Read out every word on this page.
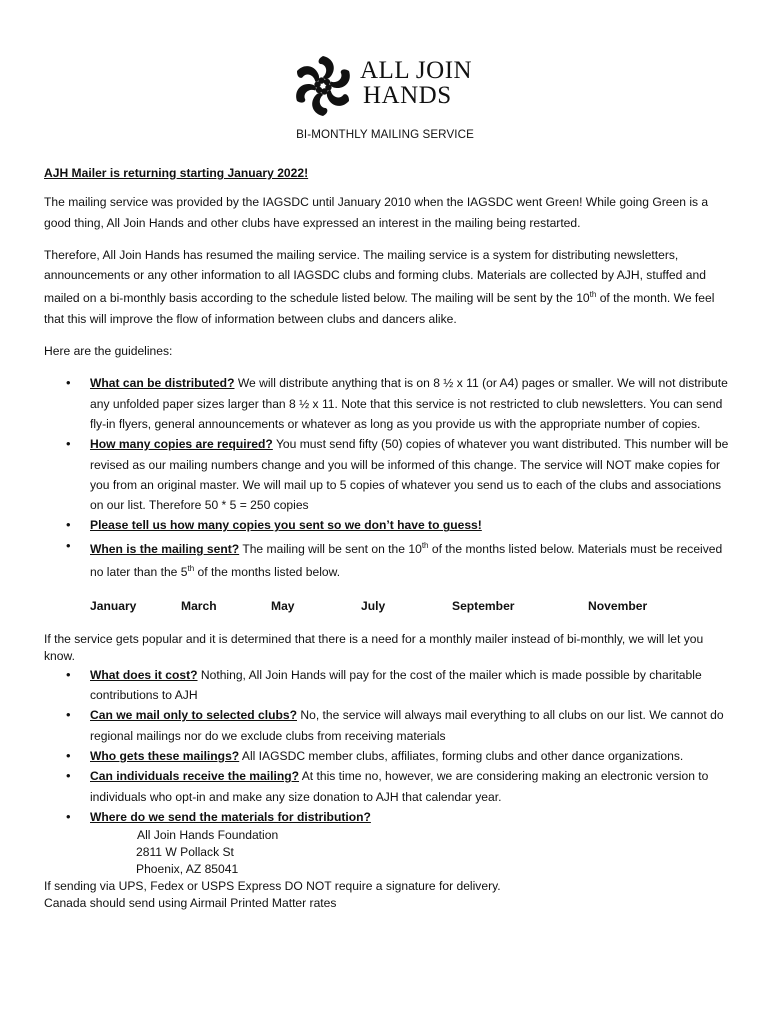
ALL JOIN
HANDS
BI-MONTHLY MAILING SERVICE

AJH Mailer is returning starting January 2022!

The mailing service was provided by the IAGSDC until January 2010 when the IAGSDC went Green! While going Green is a good thing, All Join Hands and other clubs have expressed an interest in the mailing being restarted.

Therefore, All Join Hands has resumed the mailing service. The mailing service is a system for distributing newsletters, announcements or any other information to all IAGSDC clubs and forming clubs. Materials are collected by AJH, stuffed and mailed on a bi-monthly basis according to the schedule listed below. The mailing will be sent by the 10th of the month. We feel that this will improve the flow of information between clubs and dancers alike.

Here are the guidelines:

• What can be distributed? We will distribute anything that is on 8 ½ x 11 (or A4) pages or smaller. We will not distribute any unfolded paper sizes larger than 8 ½ x 11. Note that this service is not restricted to club newsletters. You can send fly-in flyers, general announcements or whatever as long as you provide us with the appropriate number of copies.
• How many copies are required? You must send fifty (50) copies of whatever you want distributed. This number will be revised as our mailing numbers change and you will be informed of this change. The service will NOT make copies for you from an original master. We will mail up to 5 copies of whatever you send us to each of the clubs and associations on our list. Therefore 50 * 5 = 250 copies
• Please tell us how many copies you sent so we don’t have to guess!
• When is the mailing sent? The mailing will be sent on the 10th of the months listed below. Materials must be received no later than the 5th of the months listed below.
January	March	May	July	September	November

If the service gets popular and it is determined that there is a need for a monthly mailer instead of bi-monthly, we will let you know.

• What does it cost? Nothing, All Join Hands will pay for the cost of the mailer which is made possible by charitable contributions to AJH
• Can we mail only to selected clubs? No, the service will always mail everything to all clubs on our list. We cannot do regional mailings nor do we exclude clubs from receiving materials
• Who gets these mailings? All IAGSDC member clubs, affiliates, forming clubs and other dance organizations.
• Can individuals receive the mailing? At this time no, however, we are considering making an electronic version to individuals who opt-in and make any size donation to AJH that calendar year.
• Where do we send the materials for distribution?
All Join Hands Foundation
2811 W Pollack St
Phoenix, AZ 85041
If sending via UPS, Fedex or USPS Express DO NOT require a signature for delivery.
Canada should send using Airmail Printed Matter rates
